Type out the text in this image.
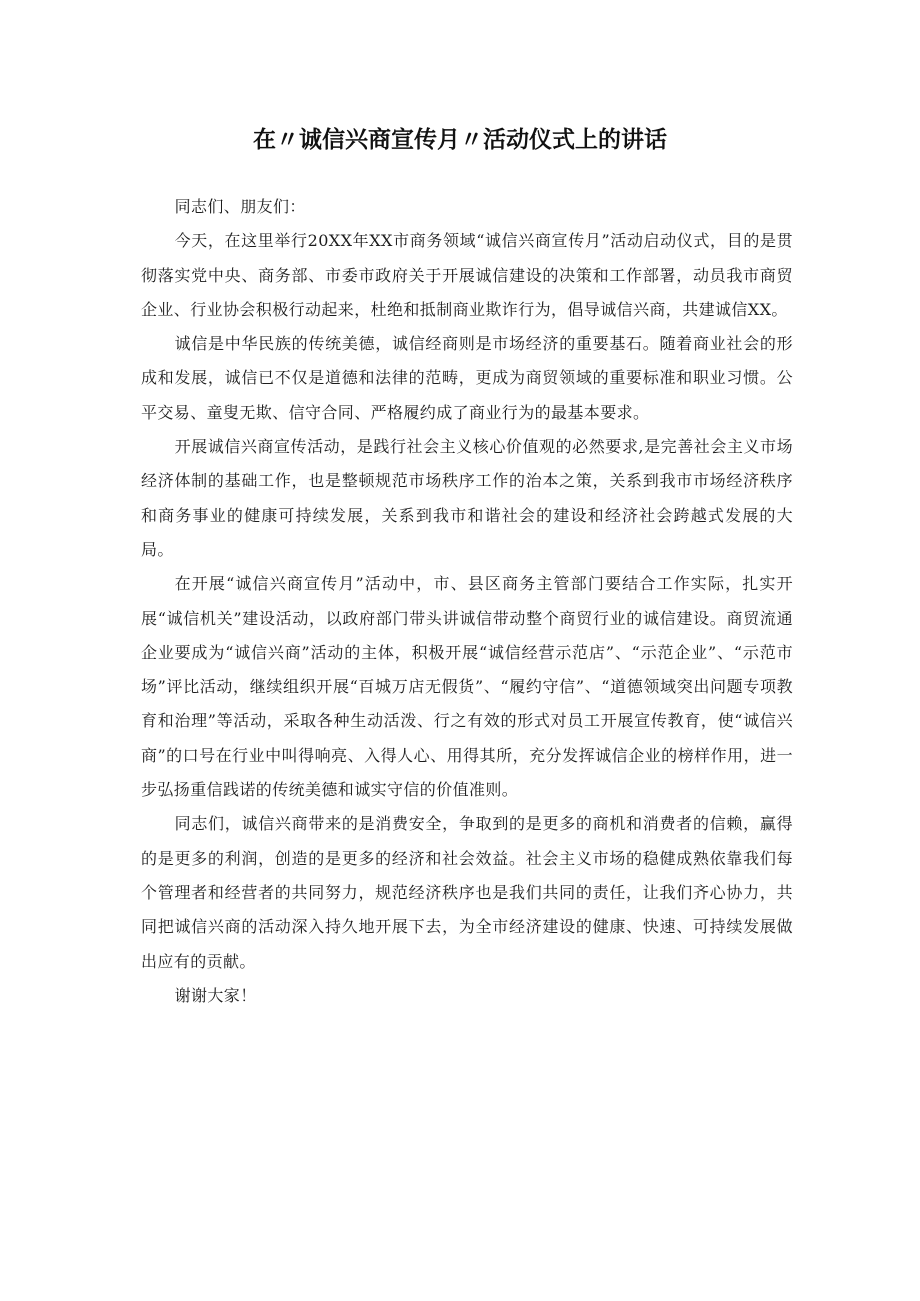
在〃诚信兴商宣传月〃活动仪式上的讲话

同志们、朋友们：

今天，在这里举行20XX年XX市商务领域“诚信兴商宣传月”活动启动仪式，目的是贯彻落实党中央、商务部、市委市政府关于开展诚信建设的决策和工作部署，动员我市商贸企业、行业协会积极行动起来，杜绝和抵制商业欺诈行为，倡导诚信兴商，共建诚信XX。

诚信是中华民族的传统美德，诚信经商则是市场经济的重要基石。随着商业社会的形成和发展，诚信已不仅是道德和法律的范畴，更成为商贸领域的重要标准和职业习惯。公平交易、童叟无欺、信守合同、严格履约成了商业行为的最基本要求。

开展诚信兴商宣传活动，是践行社会主义核心价值观的必然要求,是完善社会主义市场经济体制的基础工作，也是整顿规范市场秩序工作的治本之策，关系到我市市场经济秩序和商务事业的健康可持续发展，关系到我市和谐社会的建设和经济社会跨越式发展的大局。

在开展“诚信兴商宣传月”活动中，市、县区商务主管部门要结合工作实际，扎实开展“诚信机关”建设活动，以政府部门带头讲诚信带动整个商贸行业的诚信建设。商贸流通企业要成为“诚信兴商”活动的主体，积极开展“诚信经营示范店”、“示范企业”、“示范市场”评比活动，继续组织开展“百城万店无假货”、“履约守信”、“道德领域突出问题专项教育和治理”等活动，采取各种生动活泼、行之有效的形式对员工开展宣传教育，使“诚信兴商”的口号在行业中叫得响亮、入得人心、用得其所，充分发挥诚信企业的榜样作用，进一步弘扬重信践诺的传统美德和诚实守信的价值准则。

同志们，诚信兴商带来的是消费安全，争取到的是更多的商机和消费者的信赖，赢得的是更多的利润，创造的是更多的经济和社会效益。社会主义市场的稳健成熟依靠我们每个管理者和经营者的共同努力，规范经济秩序也是我们共同的责任，让我们齐心协力，共同把诚信兴商的活动深入持久地开展下去，为全市经济建设的健康、快速、可持续发展做出应有的贡献。

谢谢大家！
